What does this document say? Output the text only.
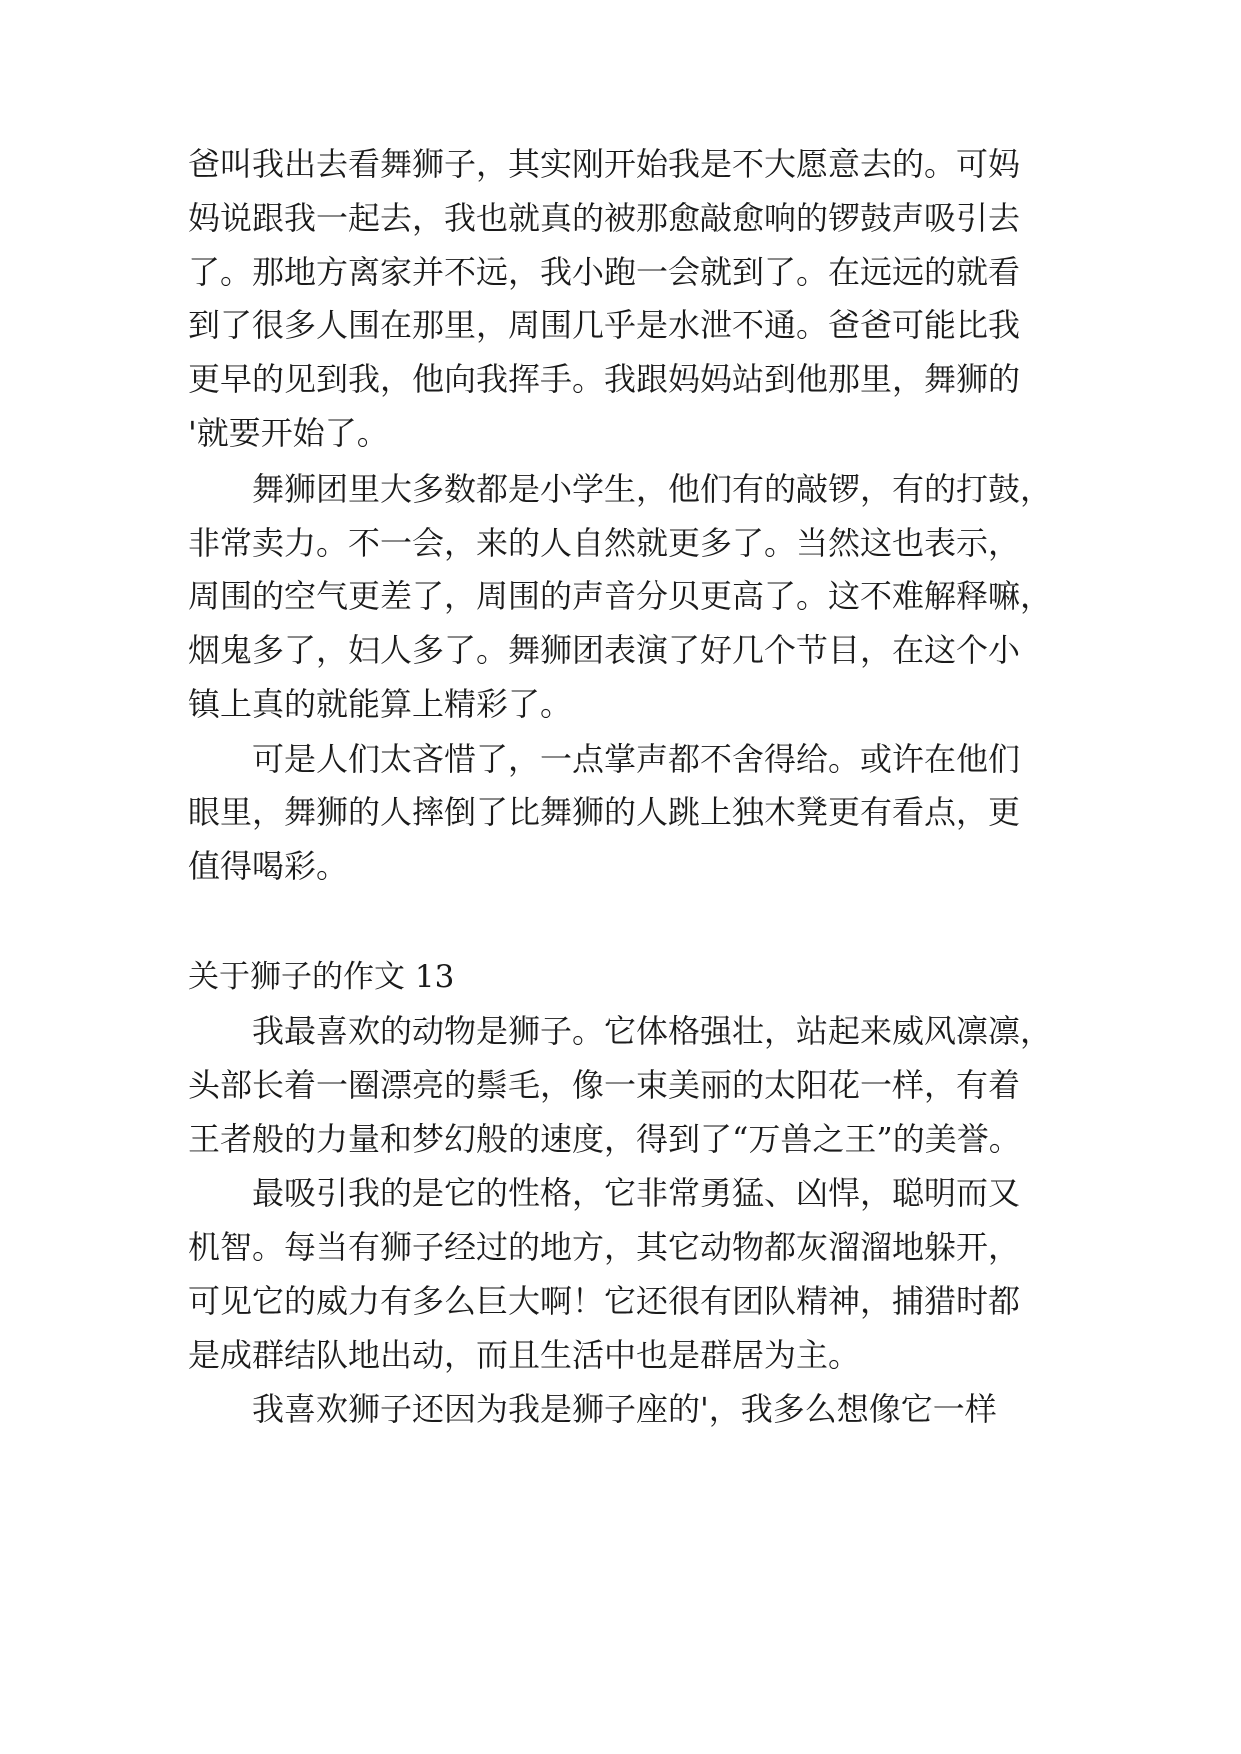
爸叫我出去看舞狮子，其实刚开始我是不大愿意去的。可妈
妈说跟我一起去，我也就真的被那愈敲愈响的锣鼓声吸引去
了。那地方离家并不远，我小跑一会就到了。在远远的就看
到了很多人围在那里，周围几乎是水泄不通。爸爸可能比我
更早的见到我，他向我挥手。我跟妈妈站到他那里，舞狮的
'就要开始了。
舞狮团里大多数都是小学生，他们有的敲锣，有的打鼓，
非常卖力。不一会，来的人自然就更多了。当然这也表示，
周围的空气更差了，周围的声音分贝更高了。这不难解释嘛，
烟鬼多了，妇人多了。舞狮团表演了好几个节目，在这个小
镇上真的就能算上精彩了。
可是人们太吝惜了，一点掌声都不舍得给。或许在他们
眼里，舞狮的人摔倒了比舞狮的人跳上独木凳更有看点，更
值得喝彩。
关于狮子的作文 13
我最喜欢的动物是狮子。它体格强壮，站起来威风凛凛，
头部长着一圈漂亮的鬃毛，像一束美丽的太阳花一样，有着
王者般的力量和梦幻般的速度，得到了“万兽之王”的美誉。
最吸引我的是它的性格，它非常勇猛、凶悍，聪明而又
机智。每当有狮子经过的地方，其它动物都灰溜溜地躲开，
可见它的威力有多么巨大啊！它还很有团队精神，捕猎时都
是成群结队地出动，而且生活中也是群居为主。
我喜欢狮子还因为我是狮子座的'，我多么想像它一样
